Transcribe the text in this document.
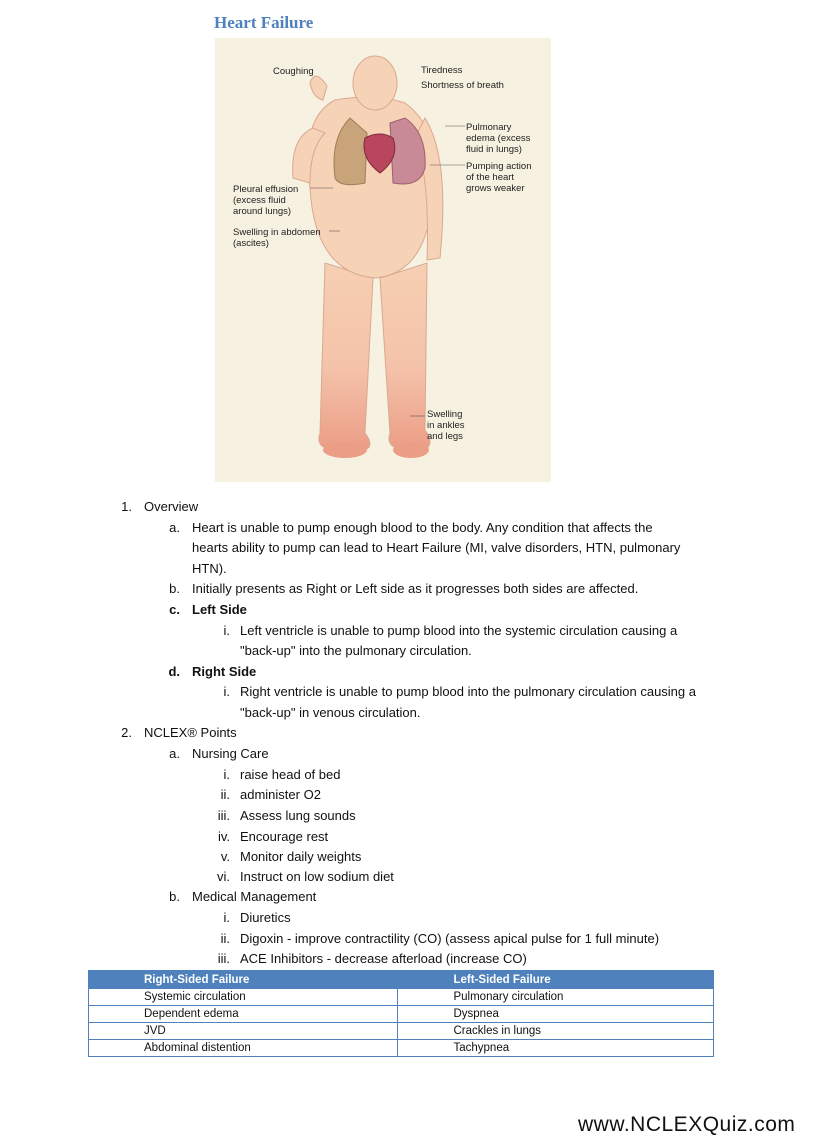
Heart Failure
Coughing	Tiredness
Shortness of breath
Pulmonary
edema (excess
fluid in lungs)
Pumping action
of the heart
grows weaker
Pleural effusion
(excess fluid
around lungs)
Swelling in abdomen
(ascites)
Swelling
in ankles
and legs
1. Overview
a. Heart is unable to pump enough blood to the body. Any condition that affects the
hearts ability to pump can lead to Heart Failure (MI, valve disorders, HTN, pulmonary
HTN).
b. Initially presents as Right or Left side as it progresses both sides are affected.
c. Left Side
i. Left ventricle is unable to pump blood into the systemic circulation causing a
"back-up" into the pulmonary circulation.
d. Right Side
i. Right ventricle is unable to pump blood into the pulmonary circulation causing a
"back-up" in venous circulation.
2. NCLEX® Points
a. Nursing Care
i. raise head of bed
ii. administer O2
iii. Assess lung sounds
iv. Encourage rest
v. Monitor daily weights
vi. Instruct on low sodium diet
b. Medical Management
i. Diuretics
ii. Digoxin - improve contractility (CO) (assess apical pulse for 1 full minute)
iii. ACE Inhibitors - decrease afterload (increase CO)
Right-Sided Failure	Left-Sided Failure
Systemic circulation	Pulmonary circulation
Dependent edema	Dyspnea
JVD	Crackles in lungs
Abdominal distention	Tachypnea
www.NCLEXQuiz.com
